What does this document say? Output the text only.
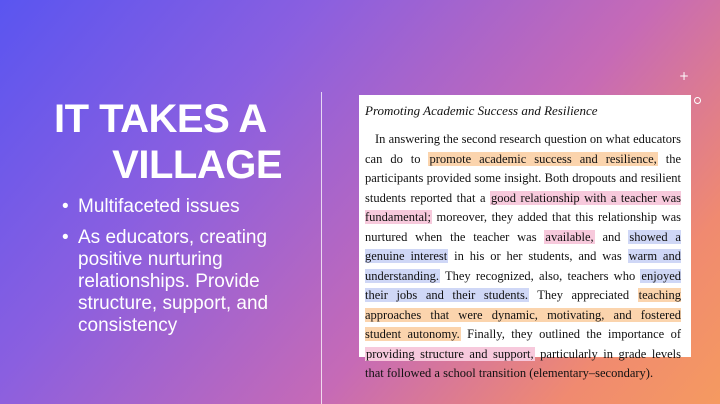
IT TAKES A
VILLAGE
• Multifaceted issues
• As educators, creating positive nurturing relationships. Provide structure, support, and consistency
+
Promoting Academic Success and Resilience

In answering the second research question on what educators can do to promote academic success and resilience, the participants provided some insight. Both dropouts and resilient students reported that a good relationship with a teacher was fundamental; moreover, they added that this relationship was nurtured when the teacher was available, and showed a genuine interest in his or her students, and was warm and understanding. They recognized, also, teachers who enjoyed their jobs and their students. They appreciated teaching approaches that were dynamic, motivating, and fostered student autonomy. Finally, they outlined the importance of providing structure and support, particularly in grade levels that followed a school transition (elementary–secondary).
